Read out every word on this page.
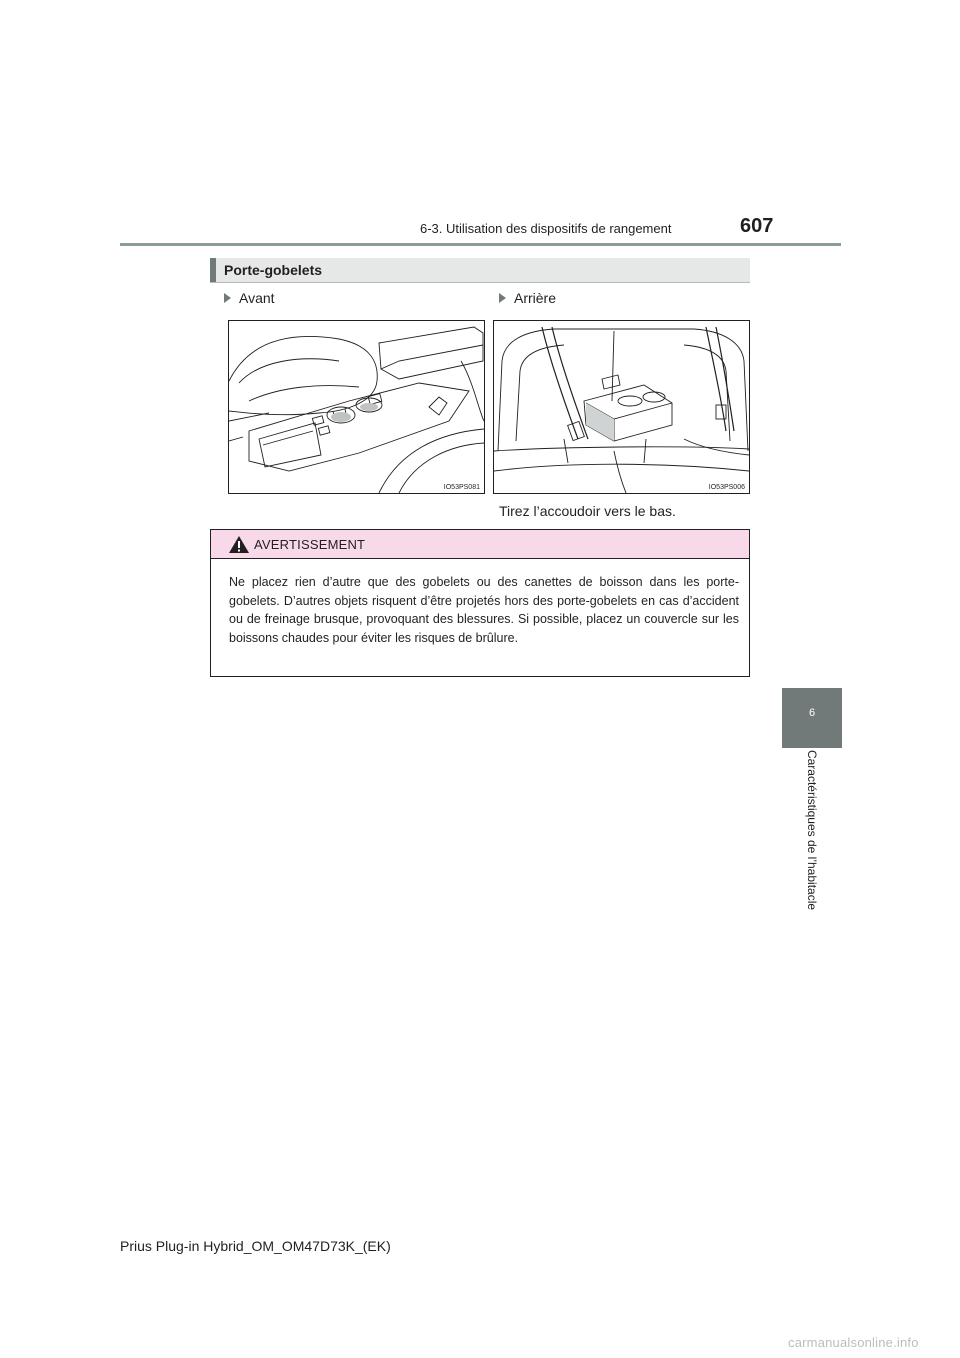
6-3. Utilisation des dispositifs de rangement	607
Porte-gobelets
Avant	Arrière
IO53PS081	IO53PS006
Tirez l’accoudoir vers le bas.
AVERTISSEMENT
Ne placez rien d’autre que des gobelets ou des canettes de boisson dans les porte-gobelets. D’autres objets risquent d’être projetés hors des porte-gobelets en cas d’accident ou de freinage brusque, provoquant des blessures. Si possible, placez un couvercle sur les boissons chaudes pour éviter les risques de brûlure.
6
Caractéristiques de l’habitacle
Prius Plug-in Hybrid_OM_OM47D73K_(EK)
carmanualsonline.info
